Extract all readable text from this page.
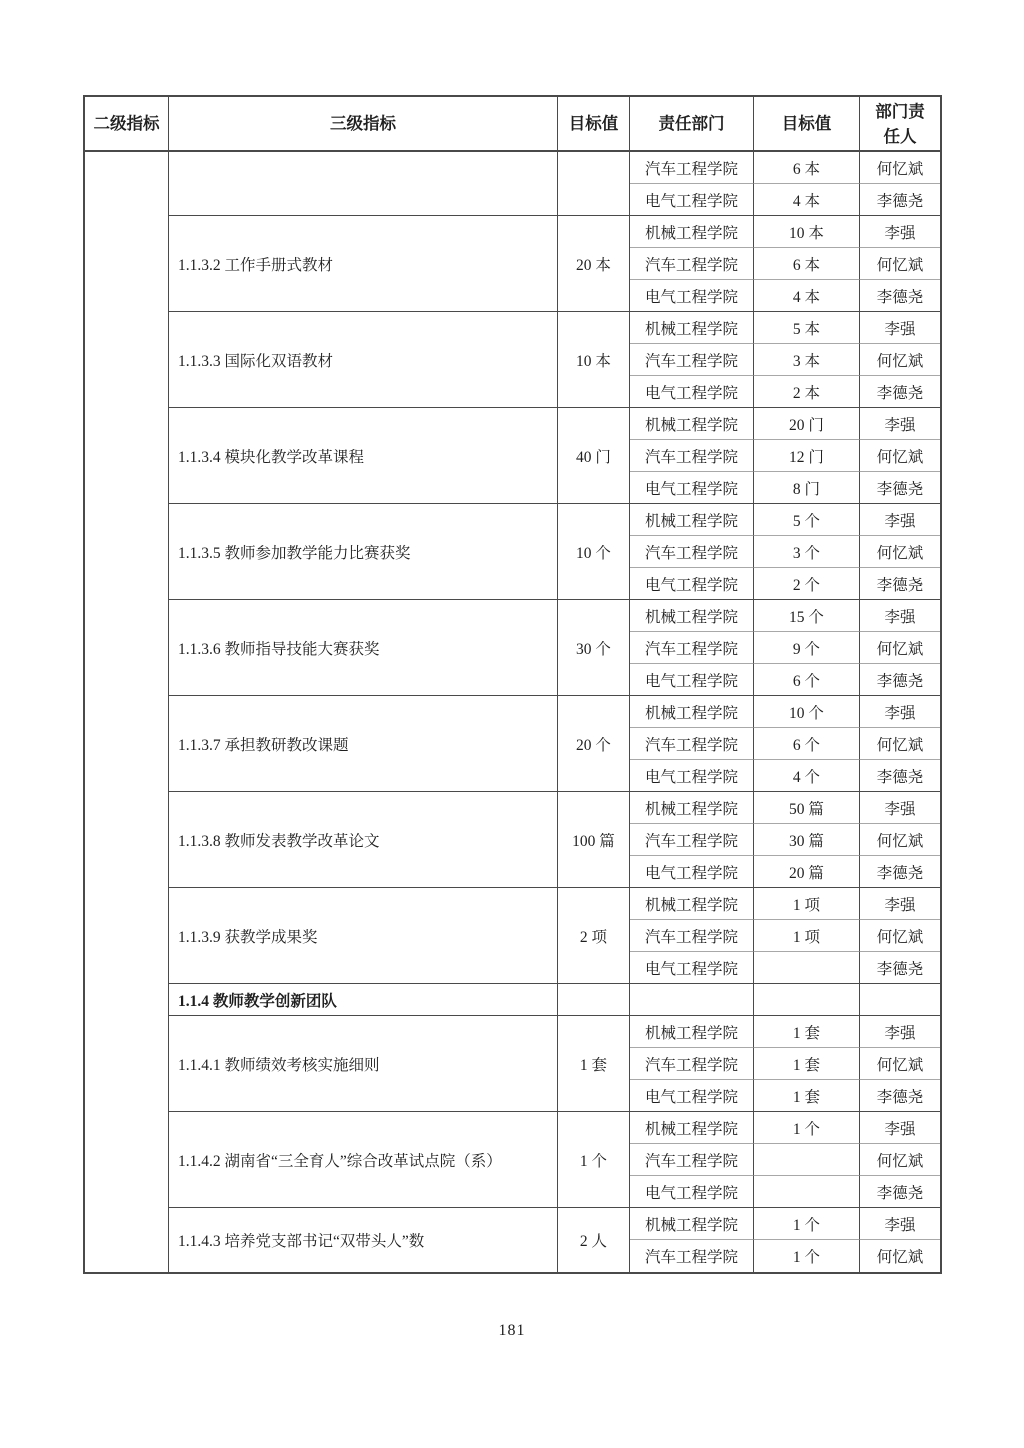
二级指标	三级指标	目标值	责任部门	目标值	部门责任人
			汽车工程学院	6 本	何忆斌
			电气工程学院	4 本	李德尧
	1.1.3.2 工作手册式教材	20 本	机械工程学院	10 本	李强
			汽车工程学院	6 本	何忆斌
			电气工程学院	4 本	李德尧
	1.1.3.3 国际化双语教材	10 本	机械工程学院	5 本	李强
			汽车工程学院	3 本	何忆斌
			电气工程学院	2 本	李德尧
	1.1.3.4 模块化教学改革课程	40 门	机械工程学院	20 门	李强
			汽车工程学院	12 门	何忆斌
			电气工程学院	8 门	李德尧
	1.1.3.5 教师参加教学能力比赛获奖	10 个	机械工程学院	5 个	李强
			汽车工程学院	3 个	何忆斌
			电气工程学院	2 个	李德尧
	1.1.3.6 教师指导技能大赛获奖	30 个	机械工程学院	15 个	李强
			汽车工程学院	9 个	何忆斌
			电气工程学院	6 个	李德尧
	1.1.3.7 承担教研教改课题	20 个	机械工程学院	10 个	李强
			汽车工程学院	6 个	何忆斌
			电气工程学院	4 个	李德尧
	1.1.3.8 教师发表教学改革论文	100 篇	机械工程学院	50 篇	李强
			汽车工程学院	30 篇	何忆斌
			电气工程学院	20 篇	李德尧
	1.1.3.9 获教学成果奖	2 项	机械工程学院	1 项	李强
			汽车工程学院	1 项	何忆斌
			电气工程学院		李德尧
	1.1.4 教师教学创新团队				
	1.1.4.1 教师绩效考核实施细则	1 套	机械工程学院	1 套	李强
			汽车工程学院	1 套	何忆斌
			电气工程学院	1 套	李德尧
	1.1.4.2 湖南省“三全育人”综合改革试点院（系）	1 个	机械工程学院	1 个	李强
			汽车工程学院		何忆斌
			电气工程学院		李德尧
	1.1.4.3 培养党支部书记“双带头人”数	2 人	机械工程学院	1 个	李强
			汽车工程学院	1 个	何忆斌
181
